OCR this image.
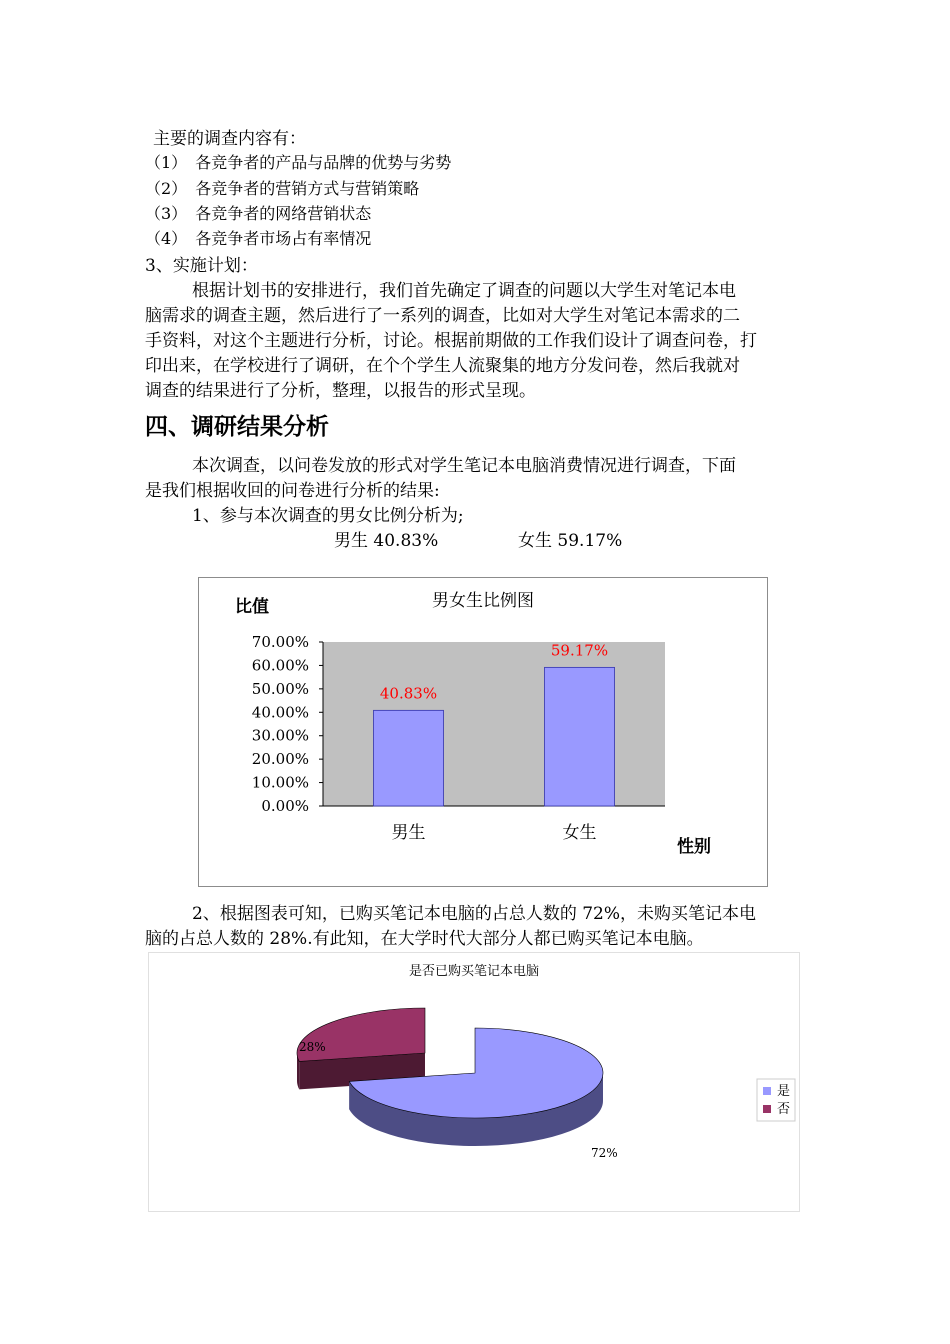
主要的调查内容有：
（1） 各竞争者的产品与品牌的优势与劣势
（2） 各竞争者的营销方式与营销策略
（3） 各竞争者的网络营销状态
（4） 各竞争者市场占有率情况
3、实施计划：
根据计划书的安排进行，我们首先确定了调查的问题以大学生对笔记本电
脑需求的调查主题，然后进行了一系列的调查，比如对大学生对笔记本需求的二
手资料，对这个主题进行分析，讨论。根据前期做的工作我们设计了调查问卷，打
印出来，在学校进行了调研，在个个学生人流聚集的地方分发问卷，然后我就对
调查的结果进行了分析，整理，以报告的形式呈现。
四、调研结果分析
本次调查，以问卷发放的形式对学生笔记本电脑消费情况进行调查，下面
是我们根据收回的问卷进行分析的结果:
1、参与本次调查的男女比例分析为;
男生 40.83%	女生 59.17%
男女生比例图
比值
性别
0.00%
10.00%
20.00%
30.00%
40.00%
50.00%
60.00%
70.00%
40.83%
男生
59.17%
女生
2、根据图表可知，已购买笔记本电脑的占总人数的 72%，未购买笔记本电
脑的占总人数的 28%.有此知，在大学时代大部分人都已购买笔记本电脑。
是否已购买笔记本电脑
72%
28%
是
否
